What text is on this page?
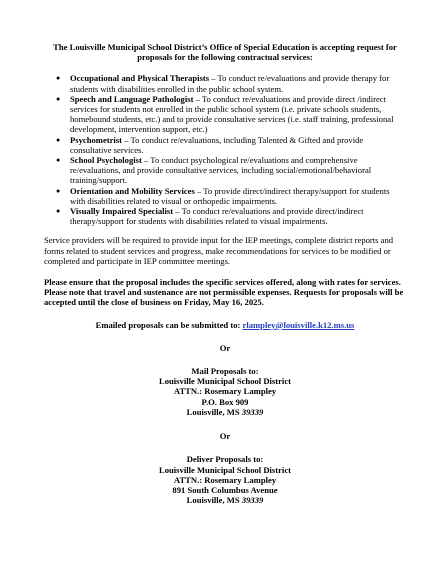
The Louisville Municipal School District’s Office of Special Education is accepting request for proposals for the following contractual services:
● Occupational and Physical Therapists – To conduct re/evaluations and provide therapy for students with disabilities enrolled in the public school system.
● Speech and Language Pathologist – To conduct re/evaluations and provide direct /indirect services for students not enrolled in the public school system (i.e. private schools students, homebound students, etc.) and to provide consultative services (i.e. staff training, professional development, intervention support, etc.)
● Psychometrist – To conduct re/evaluations, including Talented & Gifted and provide consultative services.
● School Psychologist – To conduct psychological re/evaluations and comprehensive re/evaluations, and provide consultative services, including social/emotional/behavioral training/support.
● Orientation and Mobility Services – To provide direct/indirect therapy/support for students with disabilities related to visual or orthopedic impairments.
● Visually Impaired Specialist – To conduct re/evaluations and provide direct/indirect therapy/support for students with disabilities related to visual impairments.
Service providers will be required to provide input for the IEP meetings, complete district reports and forms related to student services and progress, make recommendations for services to be modified or completed and participate in IEP committee meetings.
Please ensure that the proposal includes the specific services offered, along with rates for services. Please note that travel and sustenance are not permissible expenses. Requests for proposals will be accepted until the close of business on Friday, May 16, 2025.
Emailed proposals can be submitted to: rlampley@louisville.k12.ms.us
Or
Mail Proposals to:
Louisville Municipal School District
ATTN.: Rosemary Lampley
P.O. Box 909
Louisville, MS 39339
Or
Deliver Proposals to:
Louisville Municipal School District
ATTN.: Rosemary Lampley
891 South Columbus Avenue
Louisville, MS 39339
